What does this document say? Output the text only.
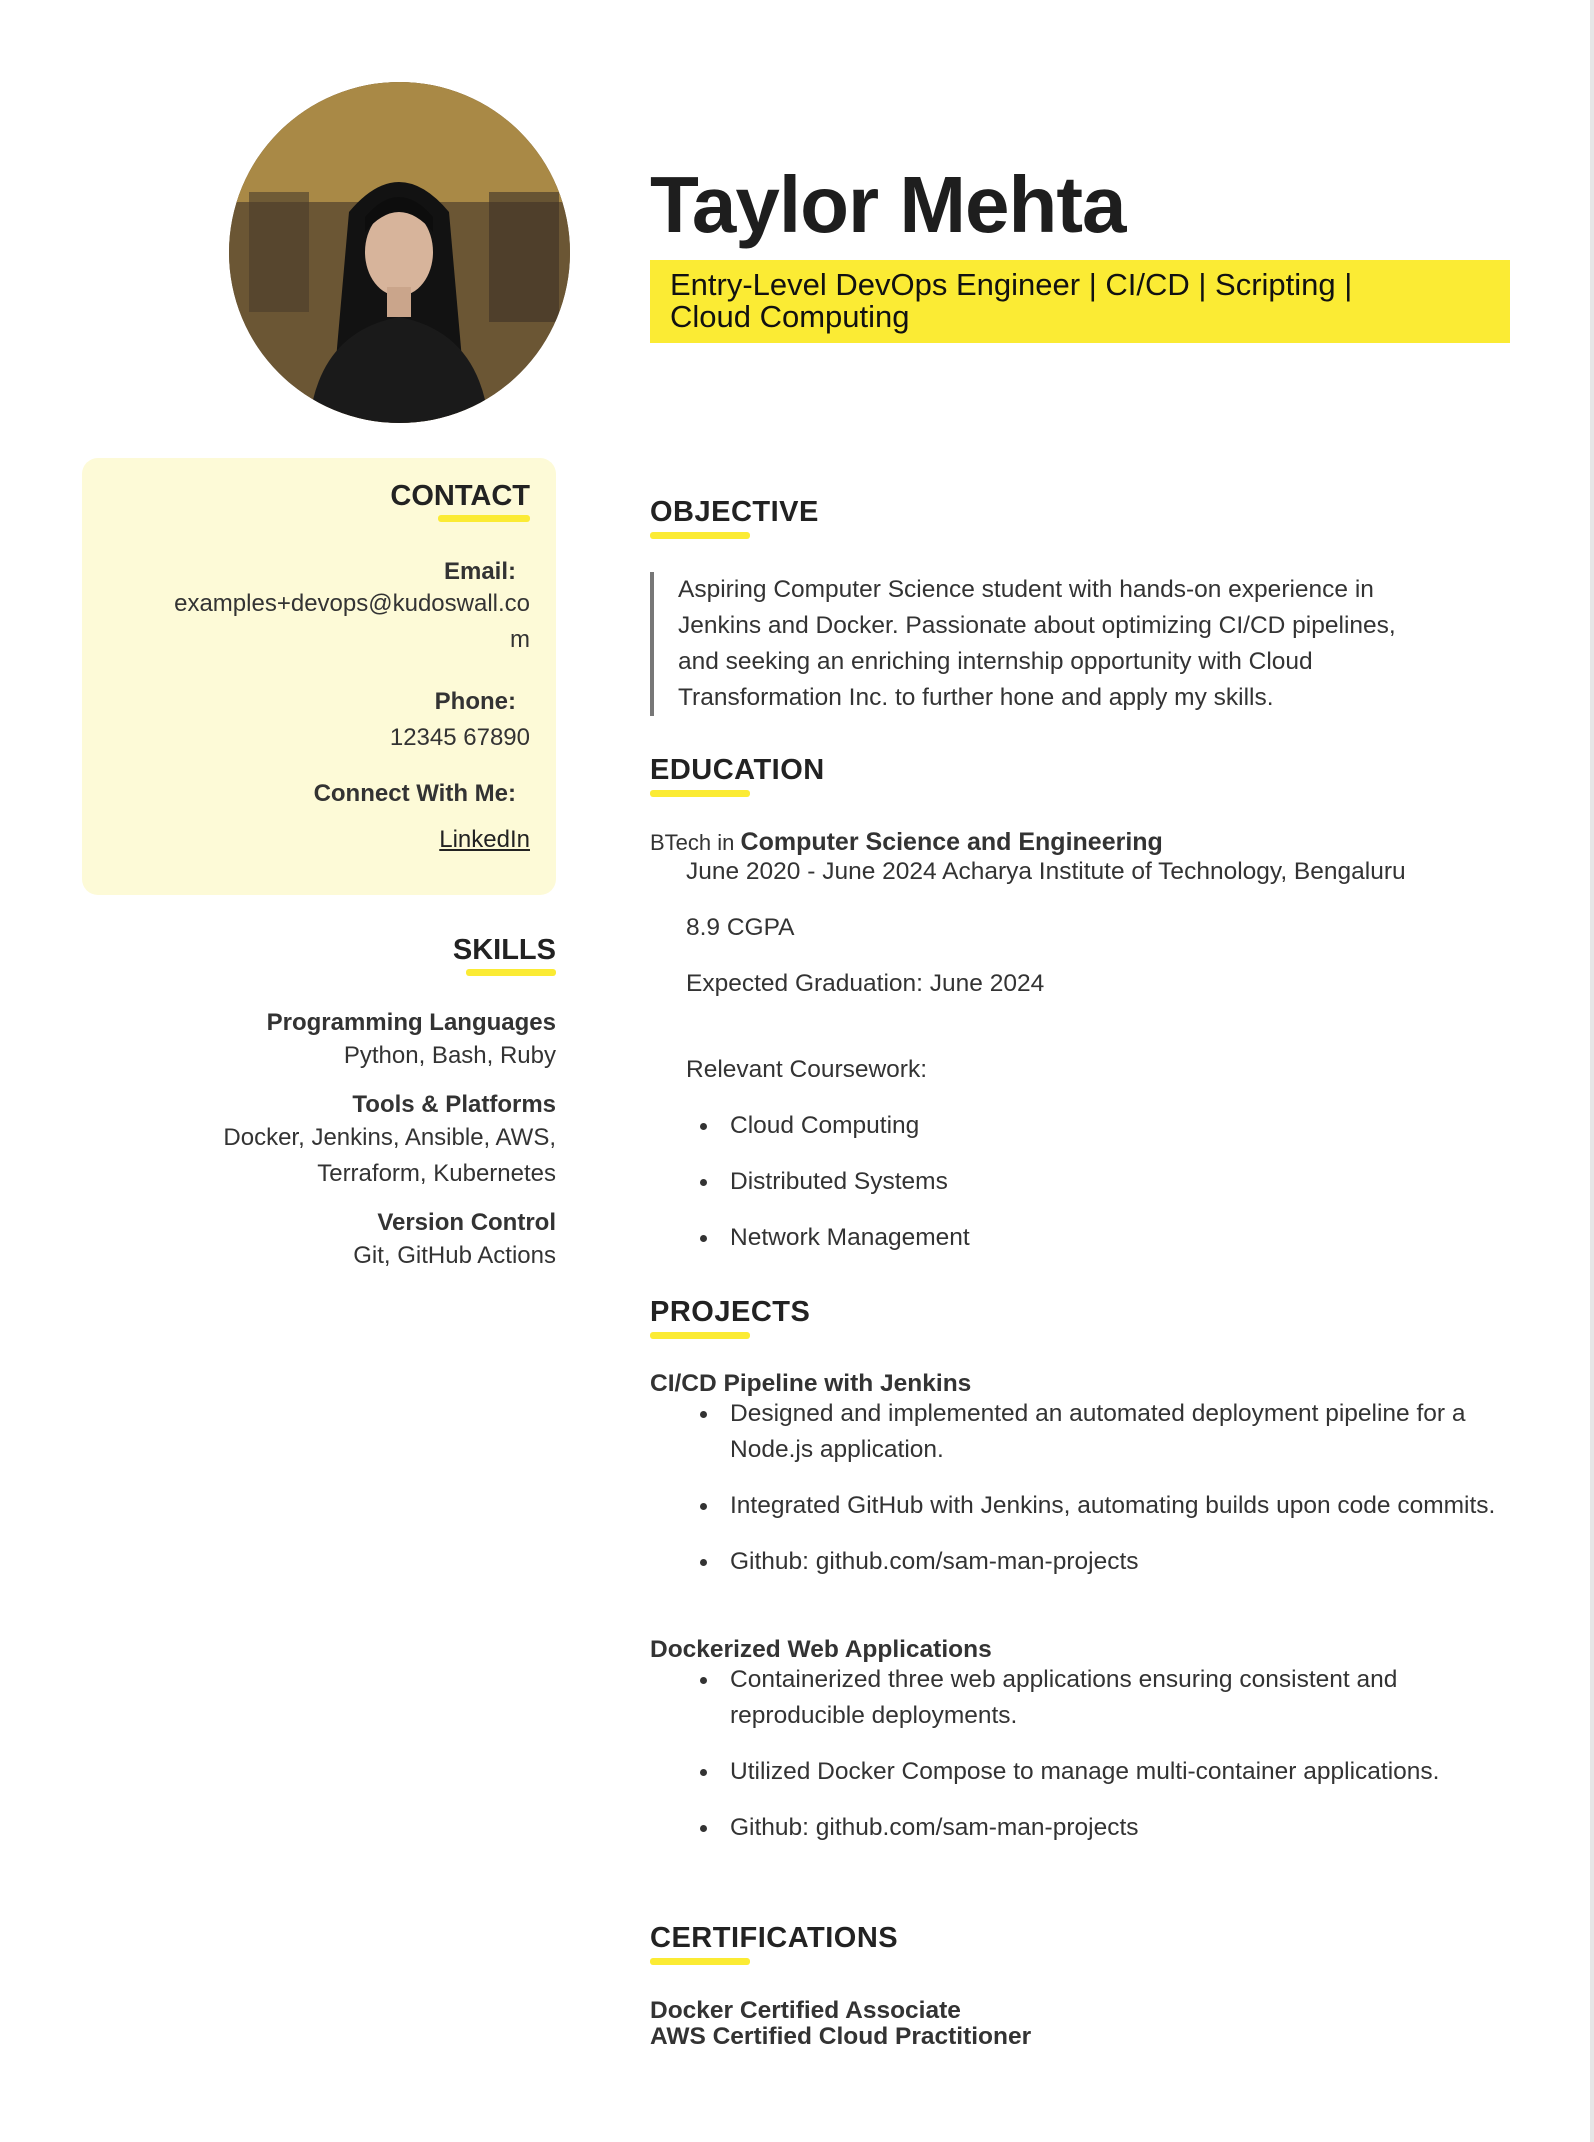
Taylor Mehta
Entry-Level DevOps Engineer | CI/CD | Scripting |
Cloud Computing
CONTACT
Email:
examples+devops@kudoswall.co
m
Phone:
12345 67890
Connect With Me:
LinkedIn
SKILLS
Programming Languages
Python, Bash, Ruby
Tools & Platforms
Docker, Jenkins, Ansible, AWS,
Terraform, Kubernetes
Version Control
Git, GitHub Actions
OBJECTIVE
Aspiring Computer Science student with hands-on experience in
Jenkins and Docker. Passionate about optimizing CI/CD pipelines,
and seeking an enriching internship opportunity with Cloud
Transformation Inc. to further hone and apply my skills.
EDUCATION
BTech in Computer Science and Engineering
June 2020 - June 2024 Acharya Institute of Technology, Bengaluru
8.9 CGPA
Expected Graduation: June 2024
Relevant Coursework:
Cloud Computing
Distributed Systems
Network Management
PROJECTS
CI/CD Pipeline with Jenkins
Designed and implemented an automated deployment pipeline for a Node.js application.
Integrated GitHub with Jenkins, automating builds upon code commits.
Github: github.com/sam-man-projects
Dockerized Web Applications
Containerized three web applications ensuring consistent and reproducible deployments.
Utilized Docker Compose to manage multi-container applications.
Github: github.com/sam-man-projects
CERTIFICATIONS
Docker Certified Associate
AWS Certified Cloud Practitioner
